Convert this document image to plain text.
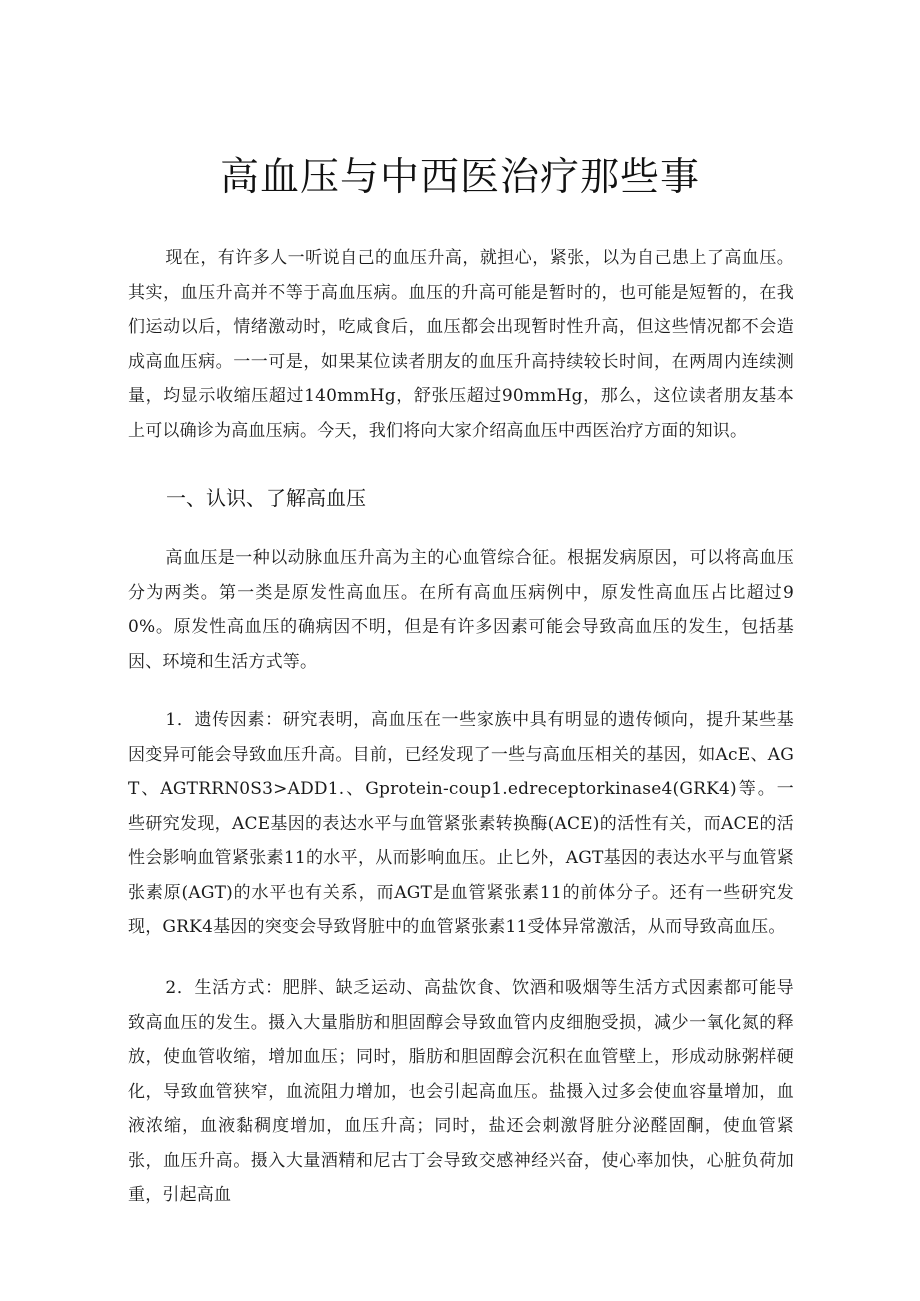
高血压与中西医治疗那些事

现在，有许多人一听说自己的血压升高，就担心，紧张，以为自己患上了高血压。其实，血压升高并不等于高血压病。血压的升高可能是暂时的，也可能是短暂的，在我们运动以后，情绪激动时，吃咸食后，血压都会出现暂时性升高，但这些情况都不会造成高血压病。一一可是，如果某位读者朋友的血压升高持续较长时间，在两周内连续测量，均显示收缩压超过140mmHg，舒张压超过90mmHg，那么，这位读者朋友基本上可以确诊为高血压病。今天，我们将向大家介绍高血压中西医治疗方面的知识。

一、认识、了解高血压

高血压是一种以动脉血压升高为主的心血管综合征。根据发病原因，可以将高血压分为两类。第一类是原发性高血压。在所有高血压病例中，原发性高血压占比超过90%。原发性高血压的确病因不明，但是有许多因素可能会导致高血压的发生，包括基因、环境和生活方式等。

1．遗传因素：研究表明，高血压在一些家族中具有明显的遗传倾向，提升某些基因变异可能会导致血压升高。目前，已经发现了一些与高血压相关的基因，如AcE、AGT、AGTRRN0S3>ADD1.、Gprotein-coup1.edreceptorkinase4(GRK4)等。一些研究发现，ACE基因的表达水平与血管紧张素转换酶(ACE)的活性有关，而ACE的活性会影响血管紧张素11的水平，从而影响血压。止匕外，AGT基因的表达水平与血管紧张素原(AGT)的水平也有关系，而AGT是血管紧张素11的前体分子。还有一些研究发现，GRK4基因的突变会导致肾脏中的血管紧张素11受体异常激活，从而导致高血压。

2．生活方式：肥胖、缺乏运动、高盐饮食、饮酒和吸烟等生活方式因素都可能导致高血压的发生。摄入大量脂肪和胆固醇会导致血管内皮细胞受损，减少一氧化氮的释放，使血管收缩，增加血压；同时，脂肪和胆固醇会沉积在血管壁上，形成动脉粥样硬化，导致血管狭窄，血流阻力增加，也会引起高血压。盐摄入过多会使血容量增加，血液浓缩，血液黏稠度增加，血压升高；同时，盐还会刺激肾脏分泌醛固酮，使血管紧张，血压升高。摄入大量酒精和尼古丁会导致交感神经兴奋，使心率加快，心脏负荷加重，引起高血
